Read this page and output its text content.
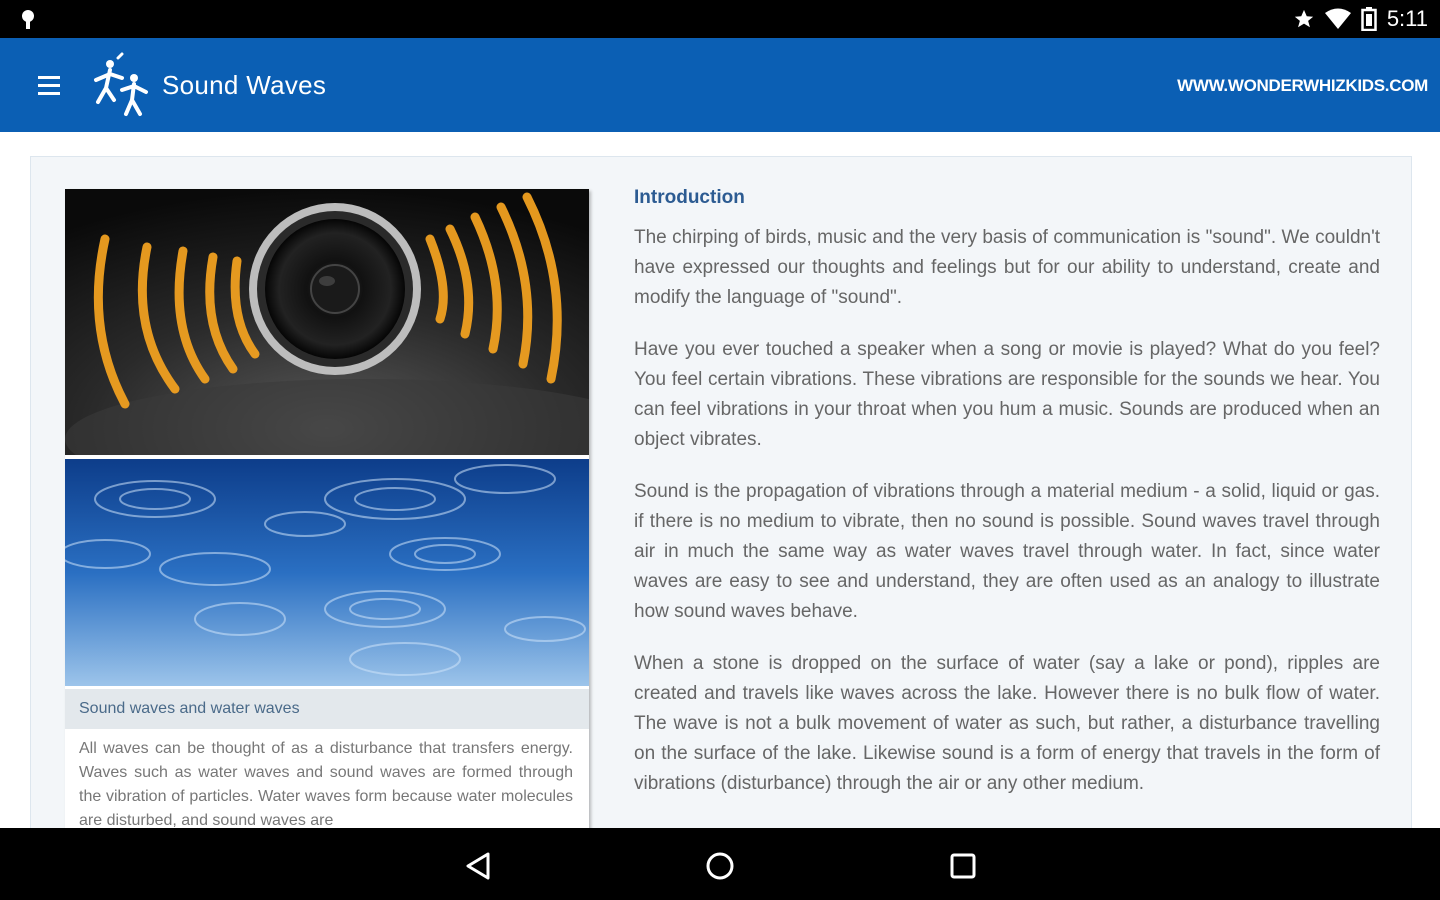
5:11
Sound Waves	WWW.WONDERWHIZKIDS.COM
Sound waves and water waves
All waves can be thought of as a disturbance that transfers energy. Waves such as water waves and sound waves are formed through the vibration of particles. Water waves form because water molecules are disturbed, and sound waves are
Introduction

The chirping of birds, music and the very basis of communication is "sound". We couldn't have expressed our thoughts and feelings but for our ability to understand, create and modify the language of "sound".

Have you ever touched a speaker when a song or movie is played? What do you feel? You feel certain vibrations. These vibrations are responsible for the sounds we hear. You can feel vibrations in your throat when you hum a music. Sounds are produced when an object vibrates.

Sound is the propagation of vibrations through a material medium - a solid, liquid or gas. if there is no medium to vibrate, then no sound is possible. Sound waves travel through air in much the same way as water waves travel through water. In fact, since water waves are easy to see and understand, they are often used as an analogy to illustrate how sound waves behave.

When a stone is dropped on the surface of water (say a lake or pond), ripples are created and travels like waves across the lake. However there is no bulk flow of water. The wave is not a bulk movement of water as such, but rather, a disturbance travelling on the surface of the lake. Likewise sound is a form of energy that travels in the form of vibrations (disturbance) through the air or any other medium.
